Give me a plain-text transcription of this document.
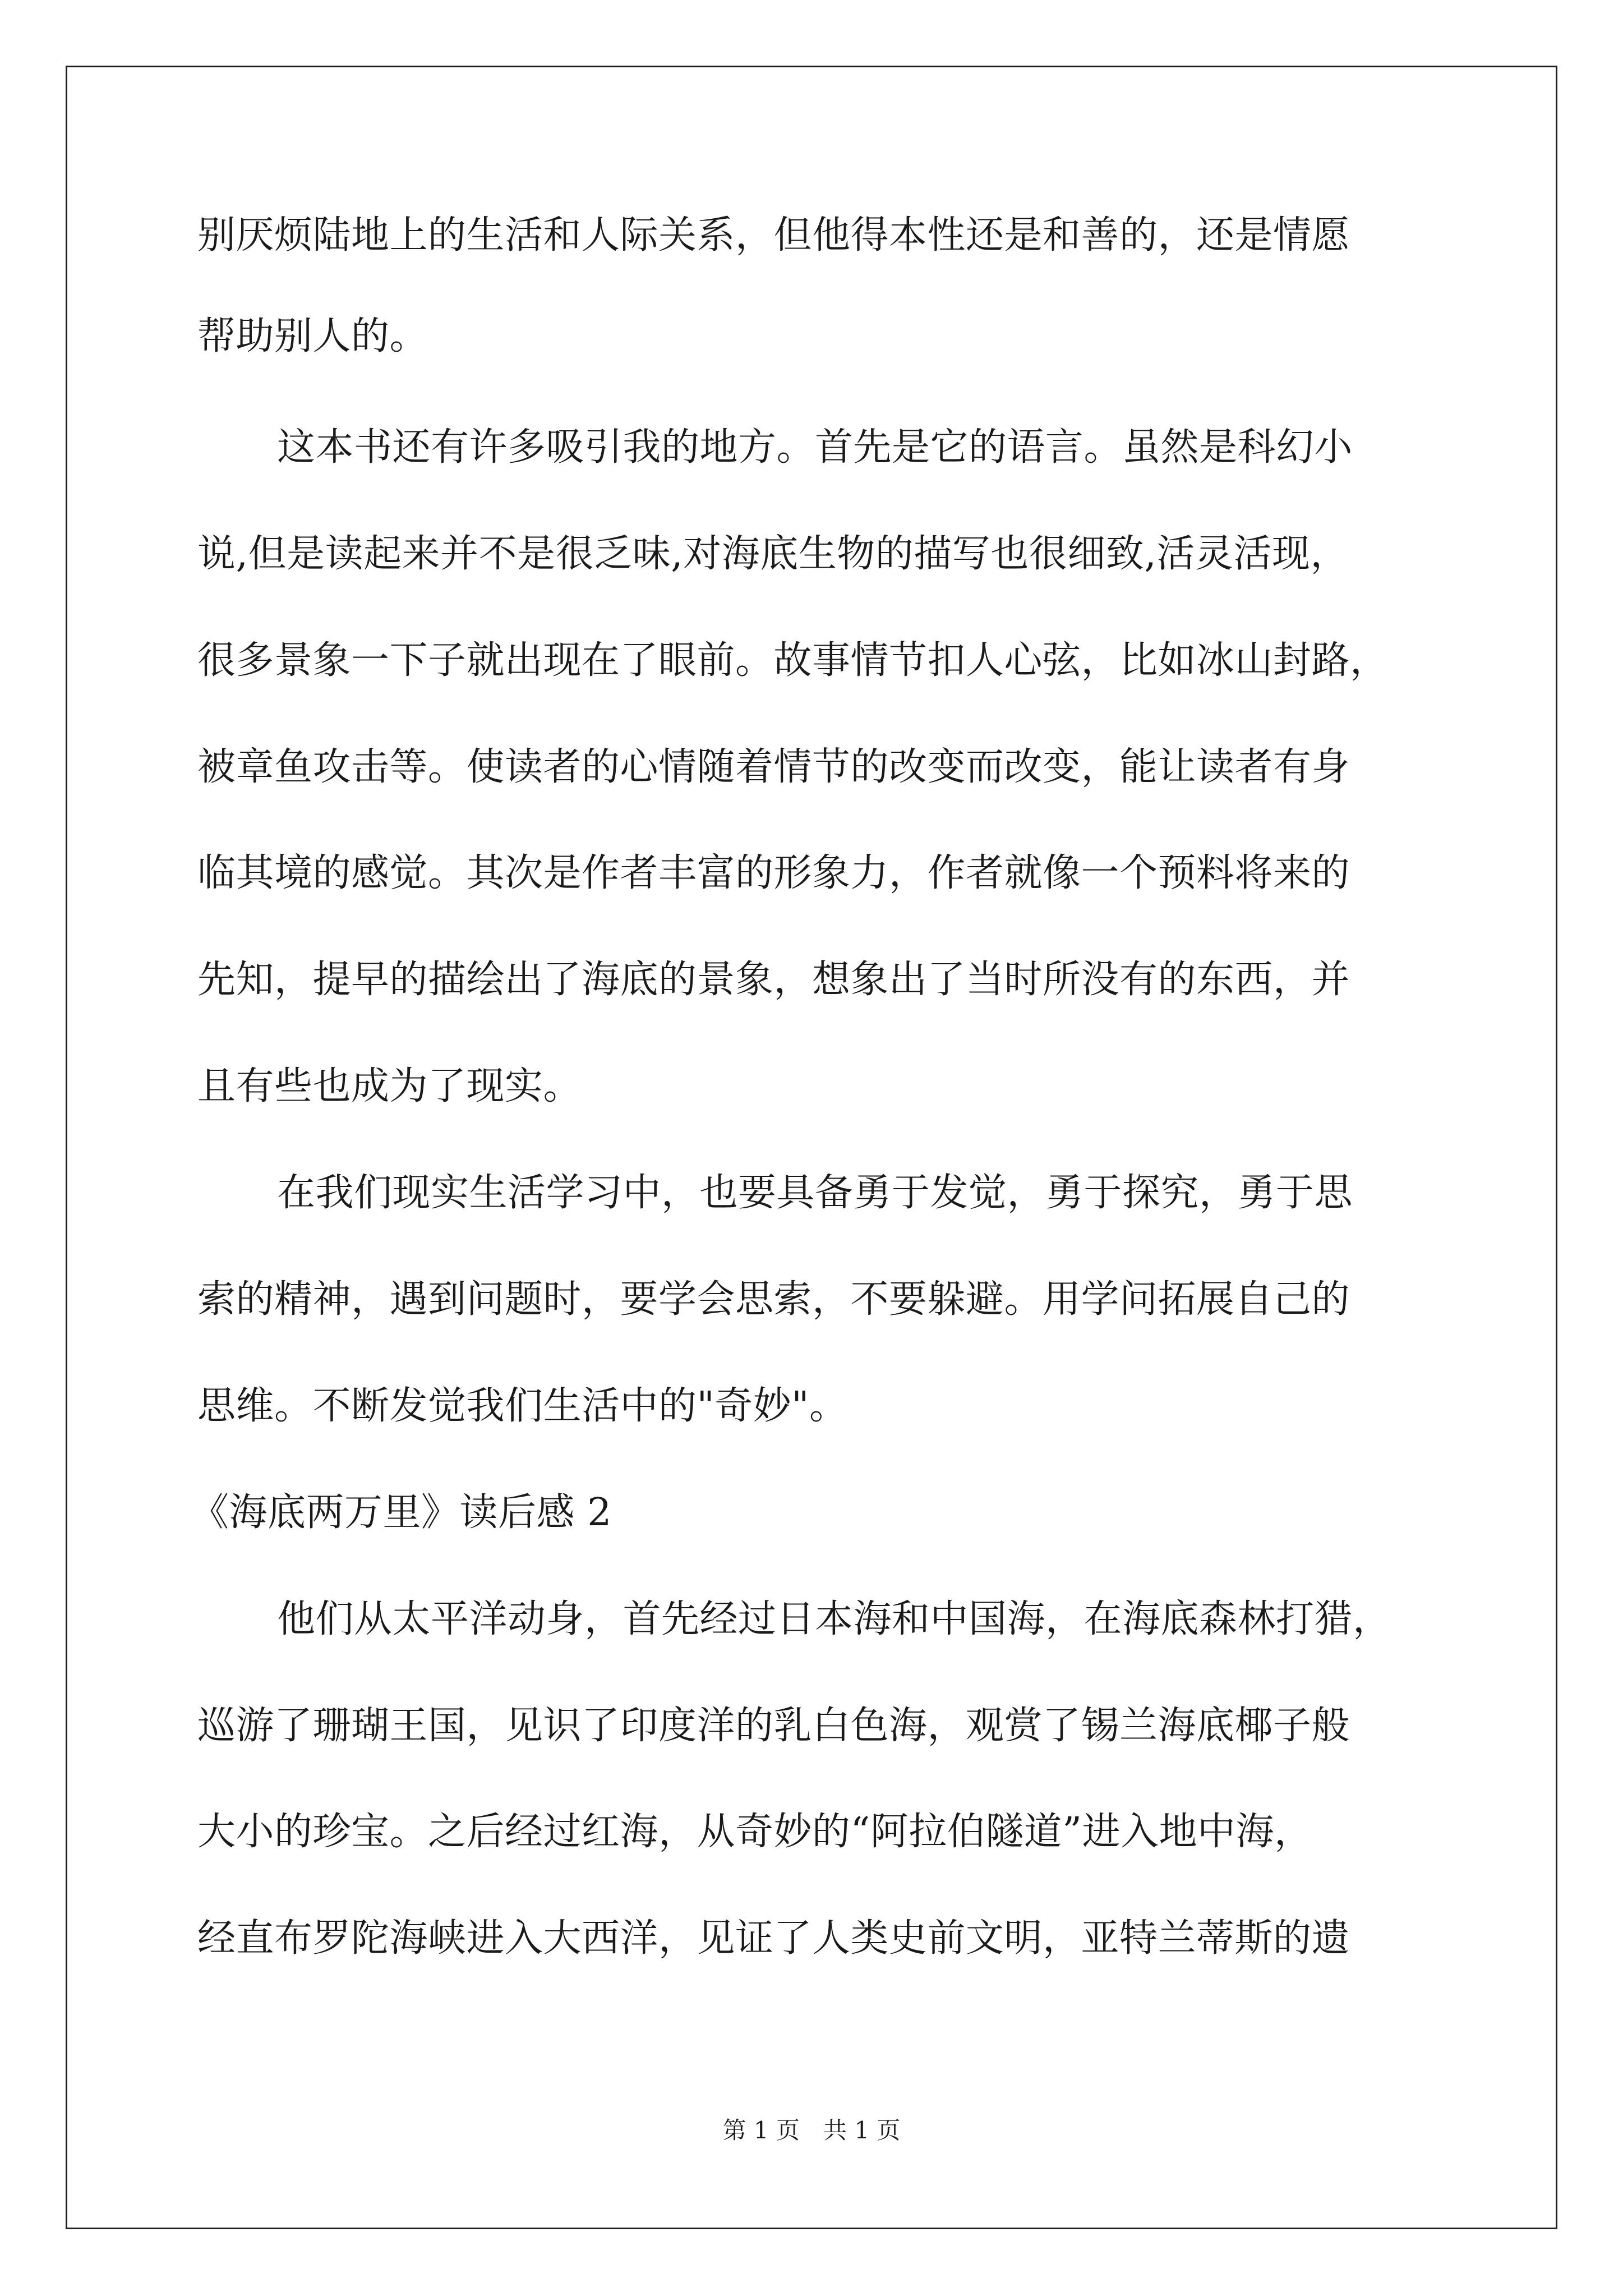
别厌烦陆地上的生活和人际关系，但他得本性还是和善的，还是情愿
帮助别人的。
这本书还有许多吸引我的地方。首先是它的语言。虽然是科幻小
说,但是读起来并不是很乏味,对海底生物的描写也很细致,活灵活现，
很多景象一下子就出现在了眼前。故事情节扣人心弦，比如冰山封路，
被章鱼攻击等。使读者的心情随着情节的改变而改变，能让读者有身
临其境的感觉。其次是作者丰富的形象力，作者就像一个预料将来的
先知，提早的描绘出了海底的景象，想象出了当时所没有的东西，并
且有些也成为了现实。
在我们现实生活学习中，也要具备勇于发觉，勇于探究，勇于思
索的精神，遇到问题时，要学会思索，不要躲避。用学问拓展自己的
思维。不断发觉我们生活中的"奇妙"。
《海底两万里》读后感 2
他们从太平洋动身，首先经过日本海和中国海，在海底森林打猎，
巡游了珊瑚王国，见识了印度洋的乳白色海，观赏了锡兰海底椰子般
大小的珍宝。之后经过红海，从奇妙的“阿拉伯隧道”进入地中海，
经直布罗陀海峡进入大西洋，见证了人类史前文明，亚特兰蒂斯的遗
第 1 页　共 1 页
